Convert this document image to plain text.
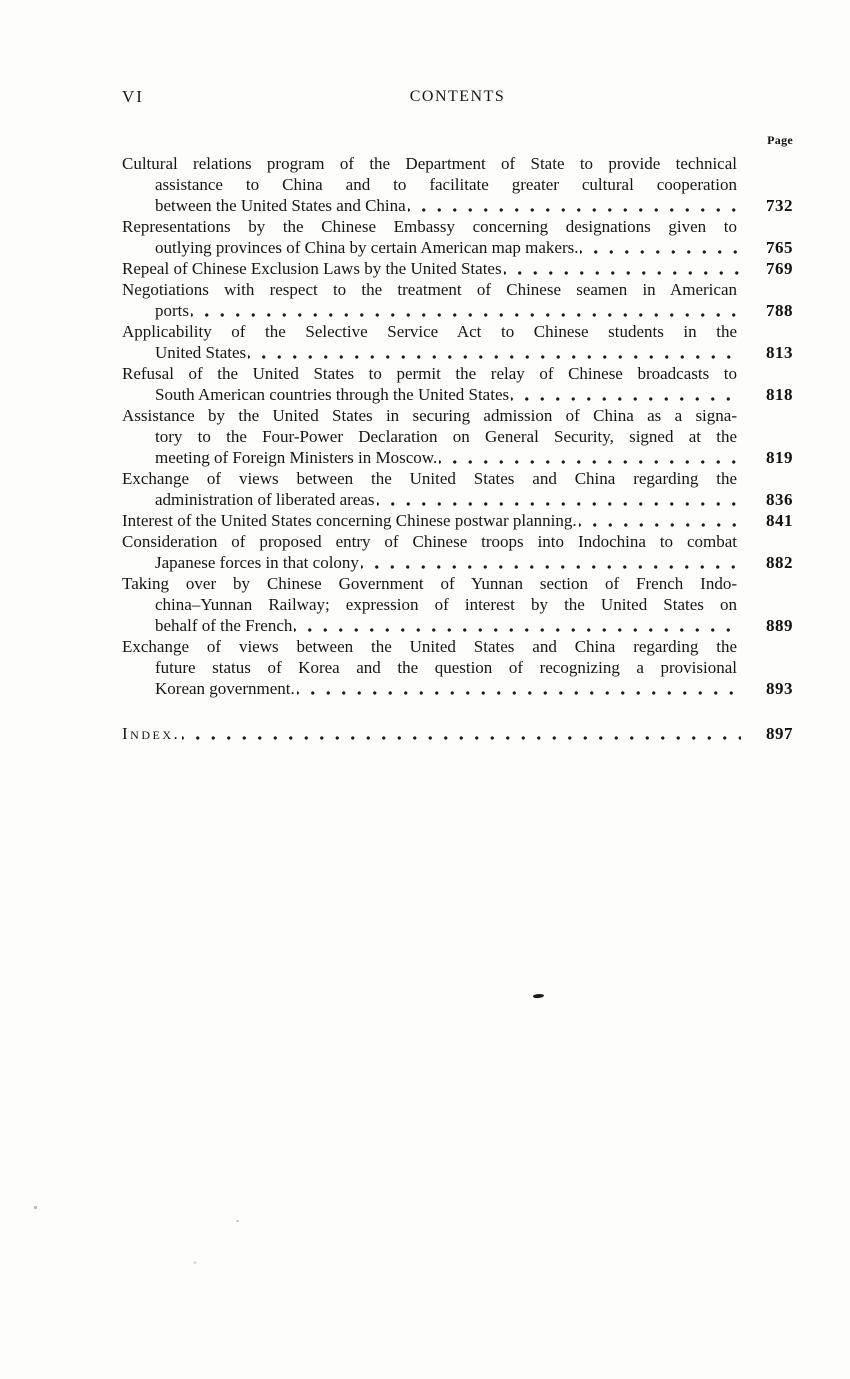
VI	CONTENTS
Page
Cultural relations program of the Department of State to provide technical
assistance to China and to facilitate greater cultural cooperation
between the United States and China	732
Representations by the Chinese Embassy concerning designations given to
outlying provinces of China by certain American map makers.	765
Repeal of Chinese Exclusion Laws by the United States	769
Negotiations with respect to the treatment of Chinese seamen in American
ports	788
Applicability of the Selective Service Act to Chinese students in the
United States	813
Refusal of the United States to permit the relay of Chinese broadcasts to
South American countries through the United States	818
Assistance by the United States in securing admission of China as a signa-
tory to the Four-Power Declaration on General Security, signed at the
meeting of Foreign Ministers in Moscow.	819
Exchange of views between the United States and China regarding the
administration of liberated areas	836
Interest of the United States concerning Chinese postwar planning.	841
Consideration of proposed entry of Chinese troops into Indochina to combat
Japanese forces in that colony	882
Taking over by Chinese Government of Yunnan section of French Indo-
china–Yunnan Railway; expression of interest by the United States on
behalf of the French	889
Exchange of views between the United States and China regarding the
future status of Korea and the question of recognizing a provisional
Korean government.	893
Index.	897
